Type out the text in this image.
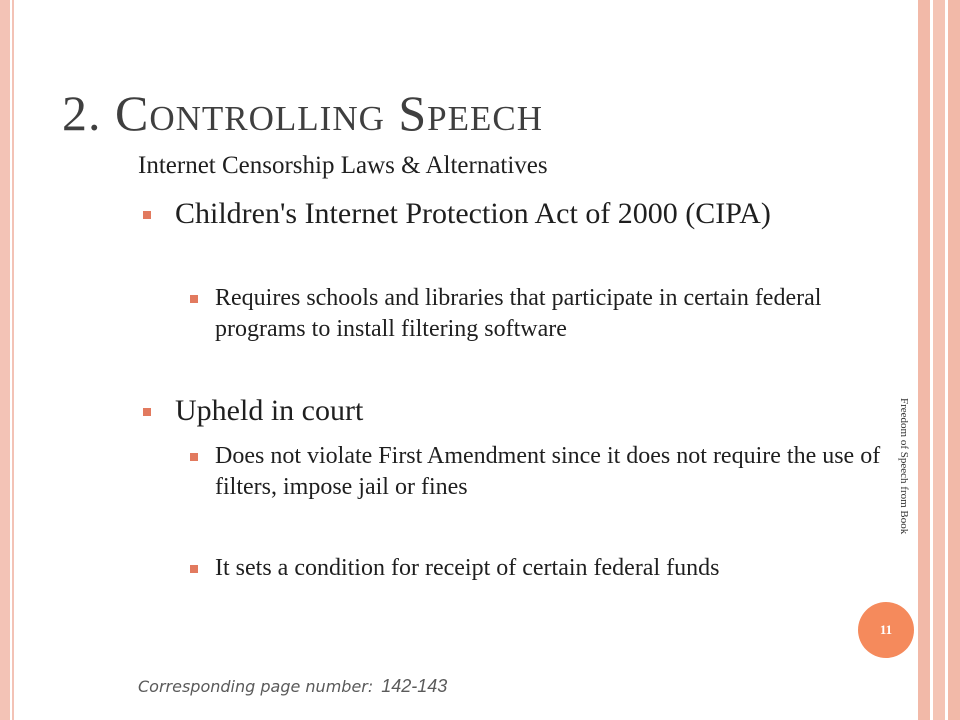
2. Controlling Speech
Internet Censorship Laws & Alternatives
Children's Internet Protection Act of 2000 (CIPA)
Requires schools and libraries that participate in certain federal programs to install filtering software
Upheld in court
Does not violate First Amendment since it does not require the use of filters, impose jail or fines
It sets a condition for receipt of certain federal funds
Freedom of Speech from Book
11
Corresponding page number: 142-143
